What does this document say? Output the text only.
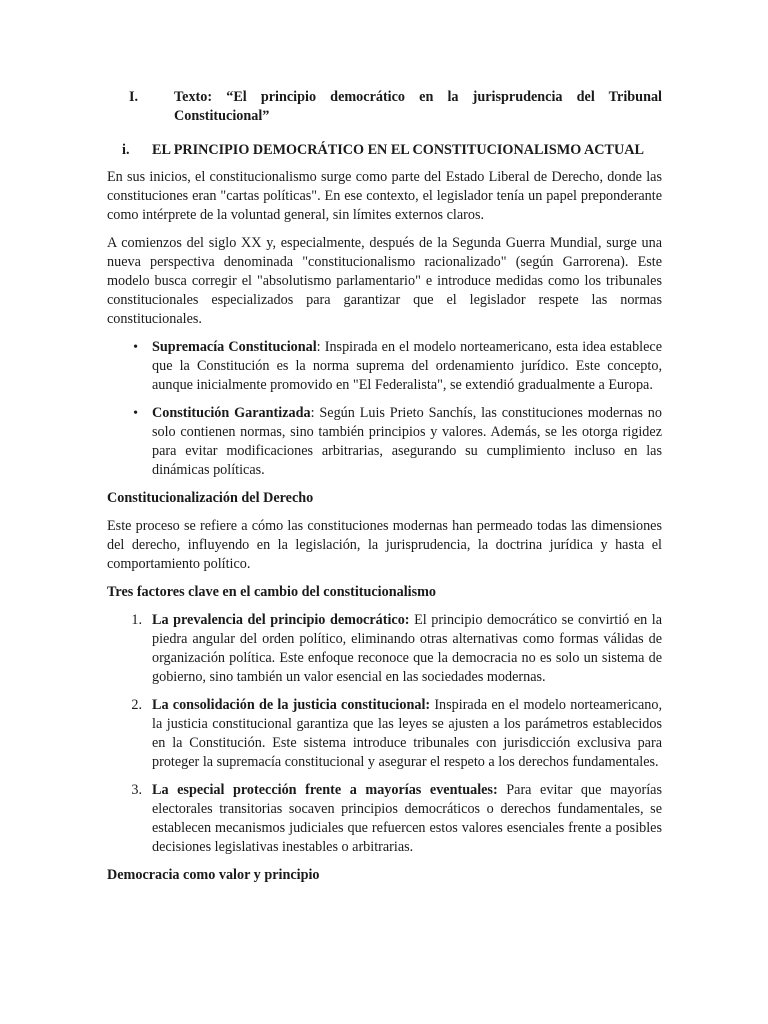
I.	Texto: “El principio democrático en la jurisprudencia del Tribunal Constitucional”
i.	EL PRINCIPIO DEMOCRÁTICO EN EL CONSTITUCIONALISMO ACTUAL

En sus inicios, el constitucionalismo surge como parte del Estado Liberal de Derecho, donde las constituciones eran "cartas políticas". En ese contexto, el legislador tenía un papel preponderante como intérprete de la voluntad general, sin límites externos claros.

A comienzos del siglo XX y, especialmente, después de la Segunda Guerra Mundial, surge una nueva perspectiva denominada "constitucionalismo racionalizado" (según Garrorena). Este modelo busca corregir el "absolutismo parlamentario" e introduce medidas como los tribunales constitucionales especializados para garantizar que el legislador respete las normas constitucionales.

• Supremacía Constitucional: Inspirada en el modelo norteamericano, esta idea establece que la Constitución es la norma suprema del ordenamiento jurídico. Este concepto, aunque inicialmente promovido en "El Federalista", se extendió gradualmente a Europa.
• Constitución Garantizada: Según Luis Prieto Sanchís, las constituciones modernas no solo contienen normas, sino también principios y valores. Además, se les otorga rigidez para evitar modificaciones arbitrarias, asegurando su cumplimiento incluso en las dinámicas políticas.
Constitucionalización del Derecho

Este proceso se refiere a cómo las constituciones modernas han permeado todas las dimensiones del derecho, influyendo en la legislación, la jurisprudencia, la doctrina jurídica y hasta el comportamiento político.

Tres factores clave en el cambio del constitucionalismo
1. La prevalencia del principio democrático: El principio democrático se convirtió en la piedra angular del orden político, eliminando otras alternativas como formas válidas de organización política. Este enfoque reconoce que la democracia no es solo un sistema de gobierno, sino también un valor esencial en las sociedades modernas.
2. La consolidación de la justicia constitucional: Inspirada en el modelo norteamericano, la justicia constitucional garantiza que las leyes se ajusten a los parámetros establecidos en la Constitución. Este sistema introduce tribunales con jurisdicción exclusiva para proteger la supremacía constitucional y asegurar el respeto a los derechos fundamentales.
3. La especial protección frente a mayorías eventuales: Para evitar que mayorías electorales transitorias socaven principios democráticos o derechos fundamentales, se establecen mecanismos judiciales que refuercen estos valores esenciales frente a posibles decisiones legislativas inestables o arbitrarias.
Democracia como valor y principio
